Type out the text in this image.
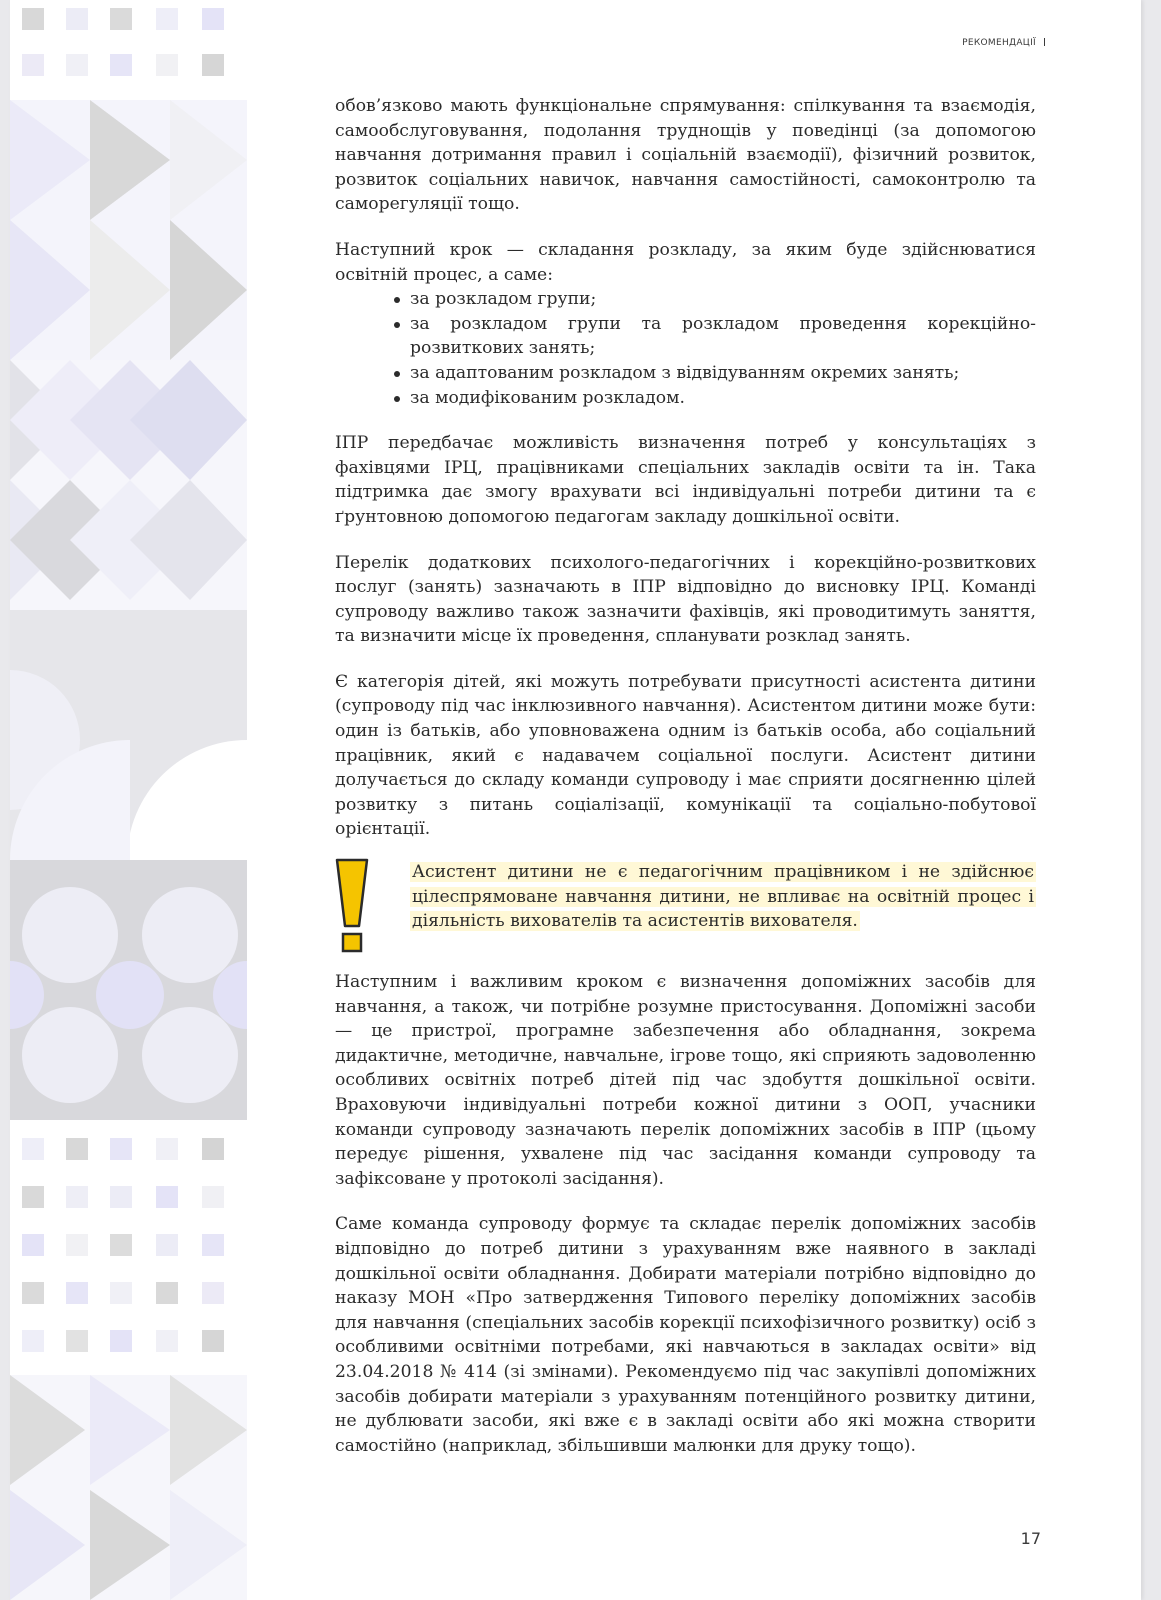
РЕКОМЕНДАЦІЇ

обов’язково мають функціональне спрямування: спілкування та взаємодія, самообслуговування, подолання труднощів у поведінці (за допомогою навчання дотримання правил і соціальній взаємодії), фізичний розвиток, розвиток соціальних навичок, навчання самостійності, самоконтролю та саморегуляції тощо.

Наступний крок — складання розкладу, за яким буде здійснюватися освітній процес, а саме:

за розкладом групи;
за розкладом групи та розкладом проведення корекційно-розвиткових занять;
за адаптованим розкладом з відвідуванням окремих занять;
за модифікованим розкладом.

ІПР передбачає можливість визначення потреб у консультаціях з фахівцями ІРЦ, працівниками спеціальних закладів освіти та ін. Така підтримка дає змогу врахувати всі індивідуальні потреби дитини та є ґрунтовною допомогою педагогам закладу дошкільної освіти.

Перелік додаткових психолого-педагогічних і корекційно-розвиткових послуг (занять) зазначають в ІПР відповідно до висновку ІРЦ. Команді супроводу важливо також зазначити фахівців, які проводитимуть заняття, та визначити місце їх проведення, спланувати розклад занять.

Є категорія дітей, які можуть потребувати присутності асистента дитини (супроводу під час інклюзивного навчання). Асистентом дитини може бути: один із батьків, або уповноважена одним із батьків особа, або соціальний працівник, який є надавачем соціальної послуги. Асистент дитини долучається до складу команди супроводу і має сприяти досягненню цілей розвитку з питань соціалізації, комунікації та соціально-побутової орієнтації.

Асистент дитини не є педагогічним працівником і не здійснює цілеспрямоване навчання дитини, не впливає на освітній процес і діяльність вихователів та асистентів вихователя.

Наступним і важливим кроком є визначення допоміжних засобів для навчання, а також, чи потрібне розумне пристосування. Допоміжні засоби — це пристрої, програмне забезпечення або обладнання, зокрема дидактичне, методичне, навчальне, ігрове тощо, які сприяють задоволенню особливих освітніх потреб дітей під час здобуття дошкільної освіти. Враховуючи індивідуальні потреби кожної дитини з ООП, учасники команди супроводу зазначають перелік допоміжних засобів в ІПР (цьому передує рішення, ухвалене під час засідання команди супроводу та зафіксоване у протоколі засідання).

Саме команда супроводу формує та складає перелік допоміжних засобів відповідно до потреб дитини з урахуванням вже наявного в закладі дошкільної освіти обладнання. Добирати матеріали потрібно відповідно до наказу МОН «Про затвердження Типового переліку допоміжних засобів для навчання (спеціальних засобів корекції психофізичного розвитку) осіб з особливими освітніми потребами, які навчаються в закладах освіти» від 23.04.2018 № 414 (зі змінами). Рекомендуємо під час закупівлі допоміжних засобів добирати матеріали з урахуванням потенційного розвитку дитини, не дублювати засоби, які вже є в закладі освіти або які можна створити самостійно (наприклад, збільшивши малюнки для друку тощо).

17
